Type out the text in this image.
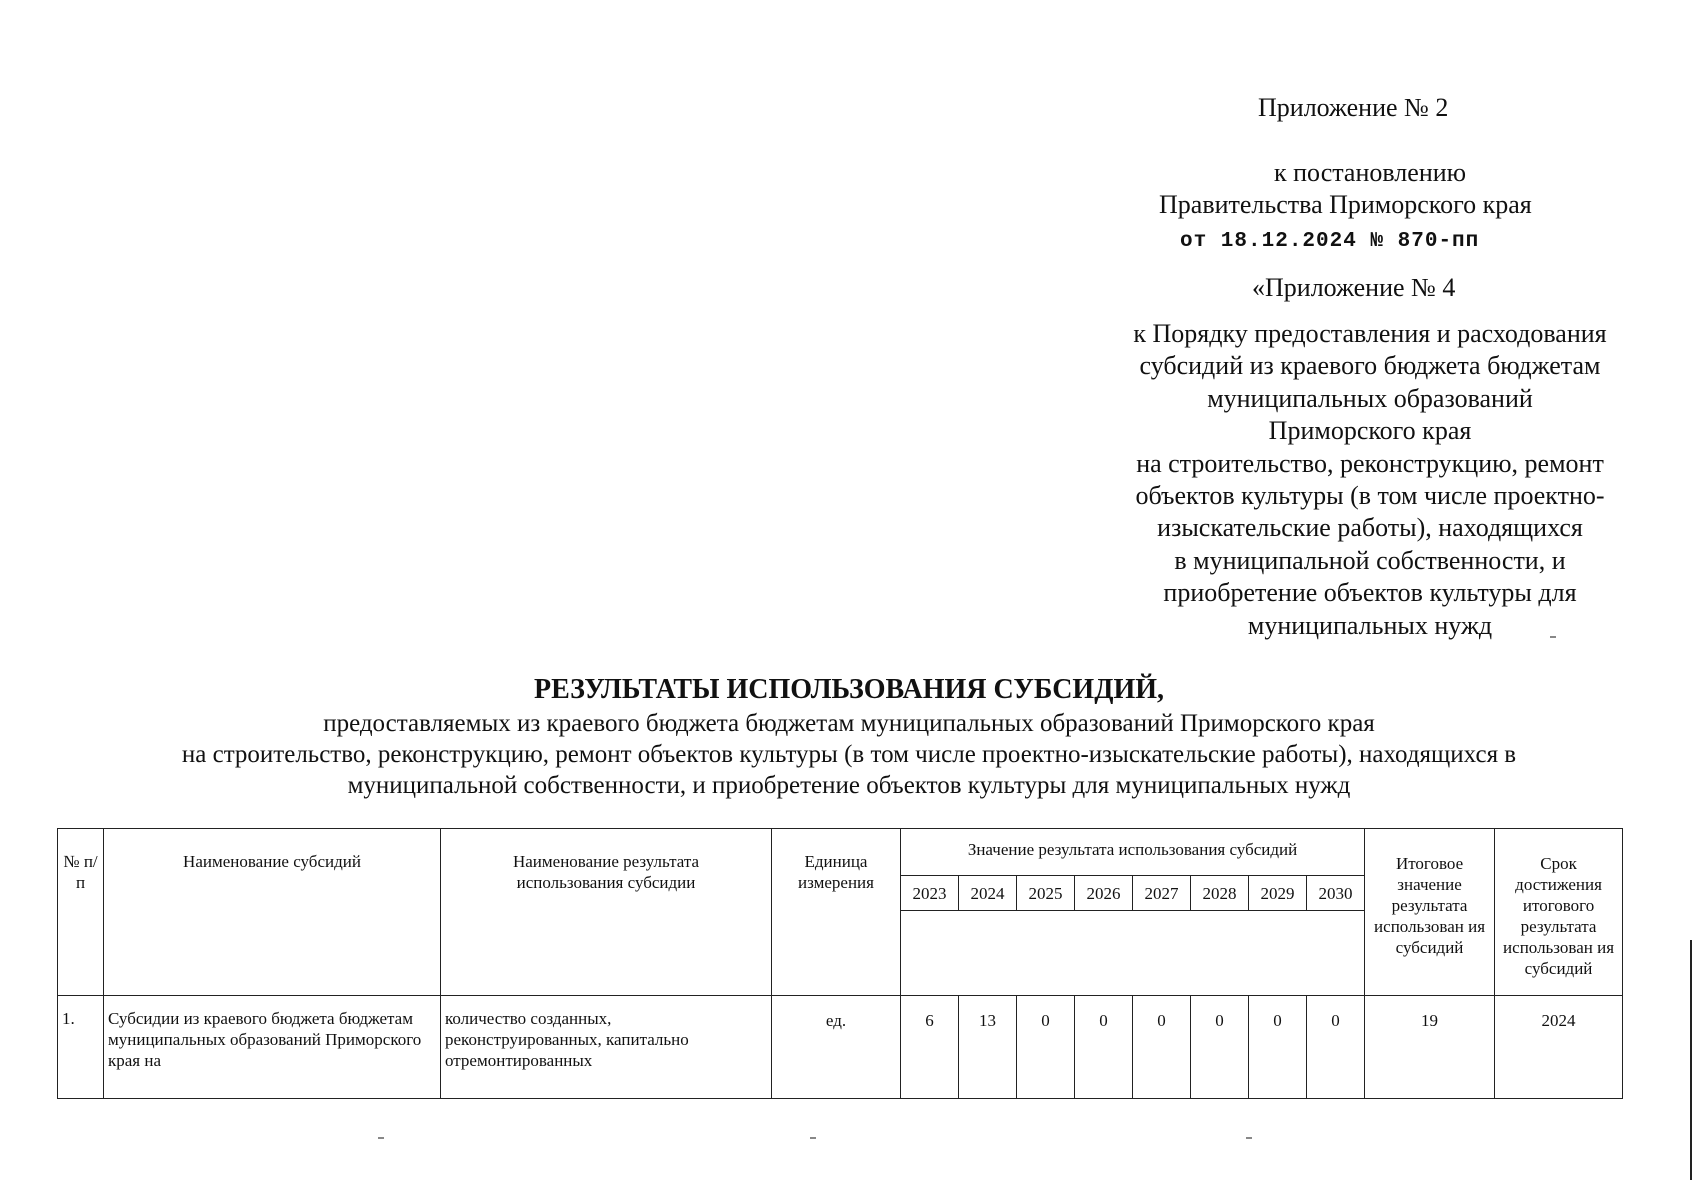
Приложение № 2
к постановлению
Правительства Приморского края
от 18.12.2024 № 870-пп
«Приложение № 4
к Порядку предоставления и расходования
субсидий из краевого бюджета бюджетам
муниципальных образований
Приморского края
на строительство, реконструкцию, ремонт
объектов культуры (в том числе проектно-
изыскательские работы), находящихся
в муниципальной собственности, и
приобретение объектов культуры для
муниципальных нужд
РЕЗУЛЬТАТЫ ИСПОЛЬЗОВАНИЯ СУБСИДИЙ,
предоставляемых из краевого бюджета бюджетам муниципальных образований Приморского края
на строительство, реконструкцию, ремонт объектов культуры (в том числе проектно-изыскательские работы), находящихся в
муниципальной собственности, и приобретение объектов культуры для муниципальных нужд
№ п/п	Наименование субсидий	Наименование результата использования субсидии	Единица измерения	Значение результата использования субсидий								Итоговое значение результата использован ия субсидий	Срок достижения итогового результата использован ия субсидий
				2023	2024	2025	2026	2027	2028	2029	2030		

1.	Субсидии из краевого бюджета бюджетам муниципальных образований Приморского края на	количество созданных, реконструированных, капитально отремонтированных	ед.	6	13	0	0	0	0	0	0	19	2024
